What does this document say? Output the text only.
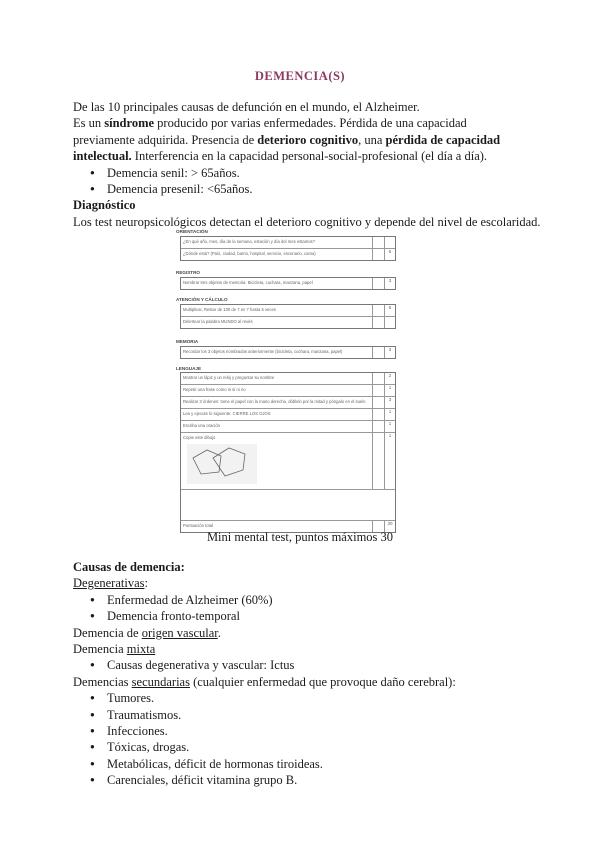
DEMENCIA(S)

De las 10 principales causas de defunción en el mundo, el Alzheimer.

Es un síndrome producido por varias enfermedades. Pérdida de una capacidad

previamente adquirida. Presencia de deterioro cognitivo, una pérdida de capacidad

intelectual. Interferencia en la capacidad personal-social-profesional (el día a día).

● Demencia senil: > 65años.
● Demencia presenil: <65años.

Diagnóstico

Los test neuropsicológicos detectan el deterioro cognitivo y depende del nivel de escolaridad.

ORIENTACIÓN
¿En qué año, mes, día de la semana, estación y día del mes estamos?
¿Dónde está? (País, ciudad, barrio, hospital, servicio, escenario, cama)	5
REGISTRO
Nombrar tres objetos de memoria: Bicicleta, cuchara, manzana, papel	3
ATENCIÓN Y CÁLCULO
Multiplicar, Restar de 100 de 7 en 7 hasta 5 veces	5
Deletrear la palabra MUNDO al revés
MEMORIA
Recordar los 3 objetos nombrados anteriormente (bicicleta, cuchara, manzana, papel)	3
LENGUAJE
Mostrar un lápiz y un reloj y preguntar su nombre	2
Repetir una frase como ni sí ni no	1
Realizar 3 órdenes: tome el papel con la mano derecha, dóblelo por la mitad y póngalo en el suelo	3
Lea y ejecute lo siguiente: CIERRE LOS OJOS	1
Escriba una oración	1
Copie este dibujo	1
Puntuación total	30
Mini mental test, puntos máximos 30

Causas de demencia:

Degenerativas:

● Enfermedad de Alzheimer (60%)
● Demencia fronto-temporal

Demencia de origen vascular.

Demencia mixta

● Causas degenerativa y vascular: Ictus

Demencias secundarias (cualquier enfermedad que provoque daño cerebral):

● Tumores.
● Traumatismos.
● Infecciones.
● Tóxicas, drogas.
● Metabólicas, déficit de hormonas tiroideas.
● Carenciales, déficit vitamina grupo B.
